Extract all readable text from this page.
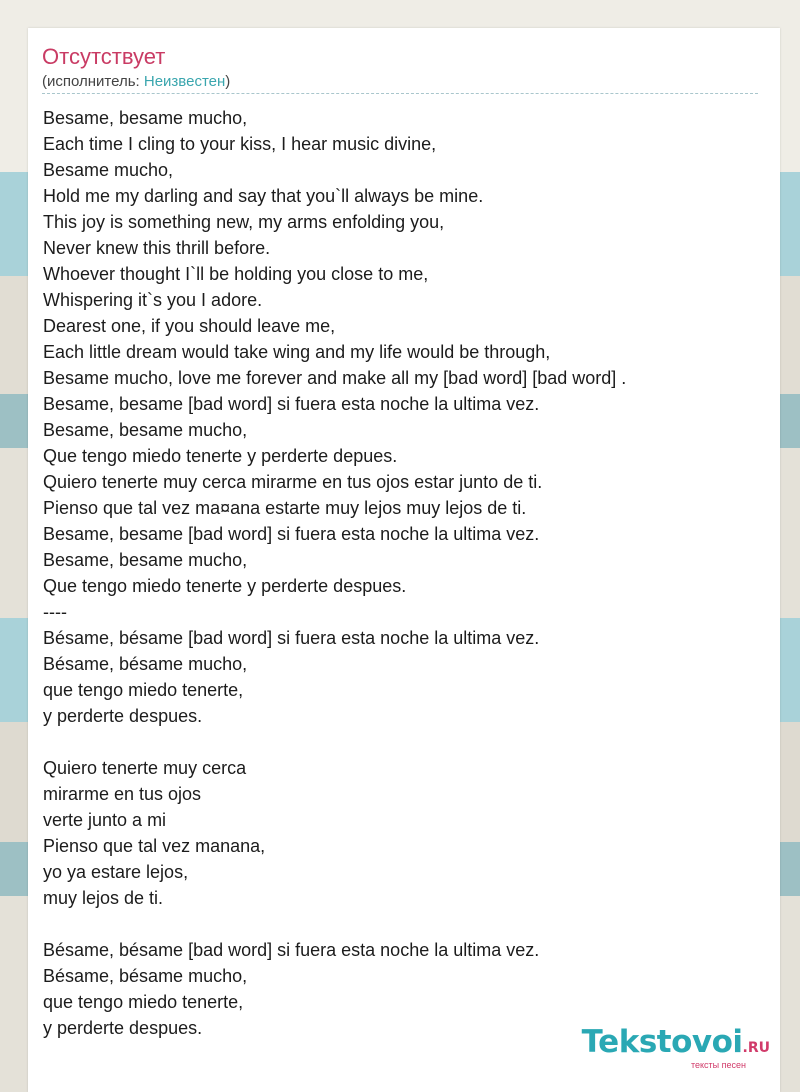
Отсутствует
(исполнитель: Неизвестен)
Besame, besame mucho,
Each time I cling to your kiss, I hear music divine,
Besame mucho,
Hold me my darling and say that you`ll always be mine.
This joy is something new, my arms enfolding you,
Never knew this thrill before.
Whoever thought I`ll be holding you close to me,
Whispering it`s you I adore.
Dearest one, if you should leave me,
Each little dream would take wing and my life would be through,
Besame mucho, love me forever and make all my [bad word] [bad word] .
Besame, besame [bad word] si fuera esta noche la ultima vez.
Besame, besame mucho,
Que tengo miedo tenerte y perderte depues.
Quiero tenerte muy cerca mirarme en tus ojos estar junto de ti.
Pienso que tal vez ma¤ana estarte muy lejos muy lejos de ti.
Besame, besame [bad word] si fuera esta noche la ultima vez.
Besame, besame mucho,
Que tengo miedo tenerte y perderte despues.
----
Bésame, bésame [bad word] si fuera esta noche la ultima vez.
Bésame, bésame mucho,
que tengo miedo tenerte,
y perderte despues.
Quiero tenerte muy cerca
mirarme en tus ojos
verte junto a mi
Pienso que tal vez manana,
yo ya estare lejos,
muy lejos de ti.
Bésame, bésame [bad word] si fuera esta noche la ultima vez.
Bésame, bésame mucho,
que tengo miedo tenerte,
y perderte despues.	Tekstovoi.RU
тексты песен
